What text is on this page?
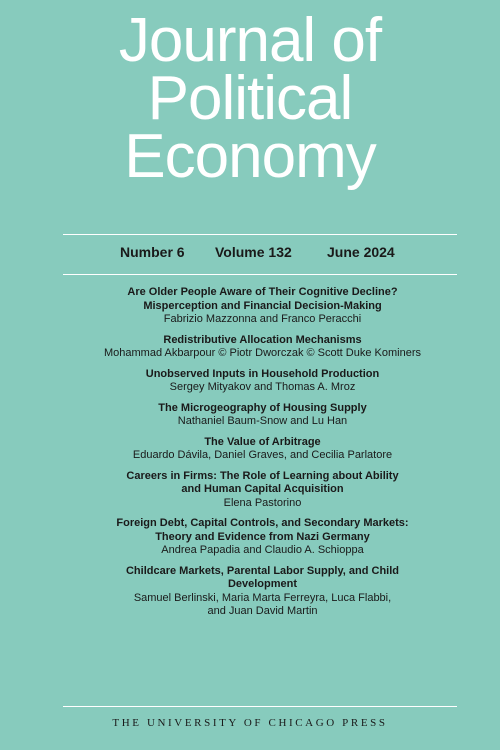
Journal of
Political
Economy
Number 6 Volume 132	June 2024
Are Older People Aware of Their Cognitive Decline?
Misperception and Financial Decision-Making
Fabrizio Mazzonna and Franco Peracchi
Redistributive Allocation Mechanisms
Mohammad Akbarpour © Piotr Dworczak © Scott Duke Kominers
Unobserved Inputs in Household Production
Sergey Mityakov and Thomas A. Mroz
The Microgeography of Housing Supply
Nathaniel Baum-Snow and Lu Han
The Value of Arbitrage
Eduardo Dávila, Daniel Graves, and Cecilia Parlatore
Careers in Firms: The Role of Learning about Ability
and Human Capital Acquisition
Elena Pastorino
Foreign Debt, Capital Controls, and Secondary Markets:
Theory and Evidence from Nazi Germany
Andrea Papadia and Claudio A. Schioppa
Childcare Markets, Parental Labor Supply, and Child Development
Samuel Berlinski, Maria Marta Ferreyra, Luca Flabbi,
and Juan David Martin
THE UNIVERSITY OF CHICAGO PRESS
